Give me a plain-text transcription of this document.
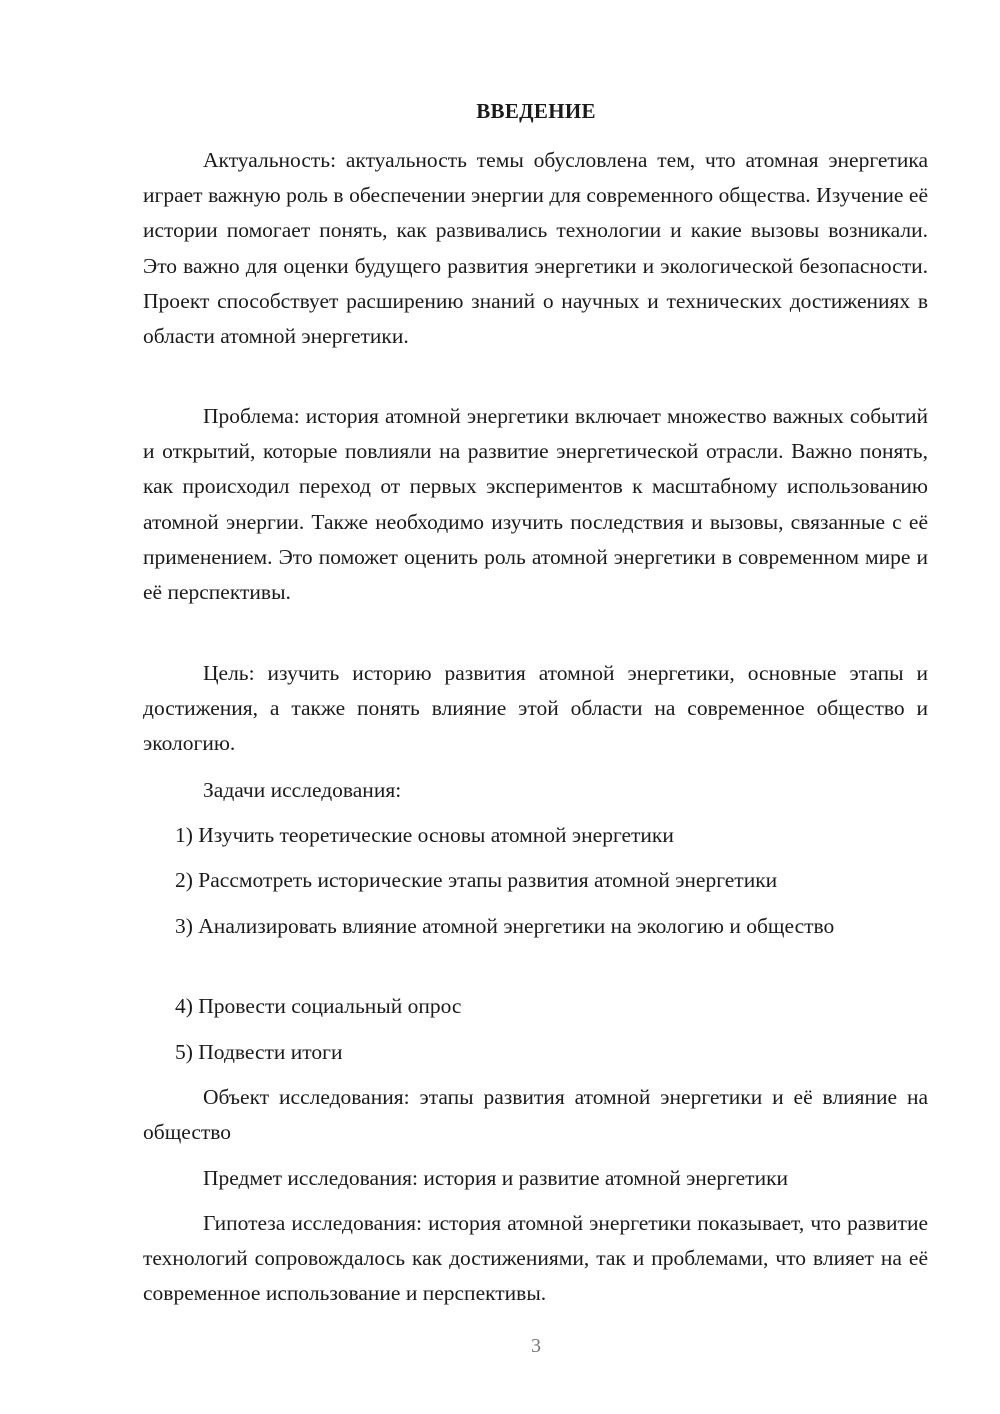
ВВЕДЕНИЕ

Актуальность: актуальность темы обусловлена тем, что атомная энергетика играет важную роль в обеспечении энергии для современного общества. Изучение её истории помогает понять, как развивались технологии и какие вызовы возникали. Это важно для оценки будущего развития энергетики и экологической безопасности. Проект способствует расширению знаний о научных и технических достижениях в области атомной энергетики.

Проблема: история атомной энергетики включает множество важных событий и открытий, которые повлияли на развитие энергетической отрасли. Важно понять, как происходил переход от первых экспериментов к масштабному использованию атомной энергии. Также необходимо изучить последствия и вызовы, связанные с её применением. Это поможет оценить роль атомной энергетики в современном мире и её перспективы.

Цель: изучить историю развития атомной энергетики, основные этапы и достижения, а также понять влияние этой области на современное общество и экологию.

Задачи исследования:

1) Изучить теоретические основы атомной энергетики

2) Рассмотреть исторические этапы развития атомной энергетики

3) Анализировать влияние атомной энергетики на экологию и общество

4) Провести социальный опрос

5) Подвести итоги

Объект исследования: этапы развития атомной энергетики и её влияние на общество

Предмет исследования: история и развитие атомной энергетики

Гипотеза исследования: история атомной энергетики показывает, что развитие технологий сопровождалось как достижениями, так и проблемами, что влияет на её современное использование и перспективы.

3
